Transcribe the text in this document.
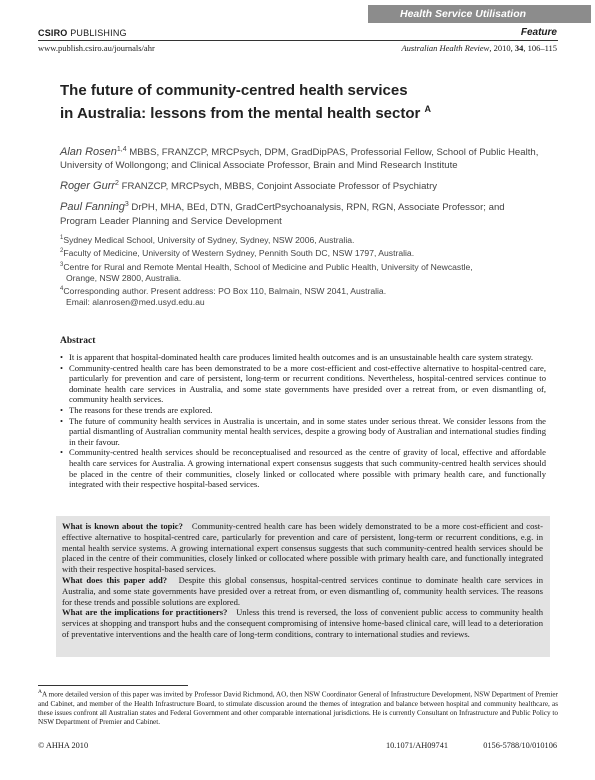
Health Service Utilisation
CSIRO PUBLISHING	Feature
www.publish.csiro.au/journals/ahr	Australian Health Review, 2010, 34, 106–115
The future of community-centred health services
in Australia: lessons from the mental health sector $^A$

Alan Rosen$^{1,4}$ MBBS, FRANZCP, MRCPsych, DPM, GradDipPAS, Professorial Fellow, School of Public Health, University of Wollongong; and Clinical Associate Professor, Brain and Mind Research Institute

Roger Gurr$^2$ FRANZCP, MRCPsych, MBBS, Conjoint Associate Professor of Psychiatry

Paul Fanning$^3$ DrPH, MHA, BEd, DTN, GradCertPsychoanalysis, RPN, RGN, Associate Professor; and Program Leader Planning and Service Development

$^1$Sydney Medical School, University of Sydney, Sydney, NSW 2006, Australia.

$^2$Faculty of Medicine, University of Western Sydney, Pennith South DC, NSW 1797, Australia.

$^3$Centre for Rural and Remote Mental Health, School of Medicine and Public Health, University of Newcastle,

Orange, NSW 2800, Australia.

$^4$Corresponding author. Present address: PO Box 110, Balmain, NSW 2041, Australia.

Email: alanrosen@med.usyd.edu.au

Abstract
• It is apparent that hospital-dominated health care produces limited health outcomes and is an unsustainable health care system strategy.
• Community-centred health care has been demonstrated to be a more cost-efficient and cost-effective alternative to hospital-centred care, particularly for prevention and care of persistent, long-term or recurrent conditions. Nevertheless, hospital-centred services continue to dominate health care services in Australia, and some state governments have presided over a retreat from, or even dismantling of, community health services.
• The reasons for these trends are explored.
• The future of community health services in Australia is uncertain, and in some states under serious threat. We consider lessons from the partial dismantling of Australian community mental health services, despite a growing body of Australian and international studies finding in their favour.
• Community-centred health services should be reconceptualised and resourced as the centre of gravity of local, effective and affordable health care services for Australia. A growing international expert consensus suggests that such community-centred health services should be placed in the centre of their communities, closely linked or collocated where possible with primary health care, and functionally integrated with their respective hospital-based services.

What is known about the topic? Community-centred health care has been widely demonstrated to be a more cost-efficient and cost-effective alternative to hospital-centred care, particularly for prevention and care of persistent, long-term or recurrent conditions, e.g. in mental health service systems. A growing international expert consensus suggests that such community-centred health services should be placed in the centre of their communities, closely linked or collocated where possible with primary health care, and functionally integrated with their respective hospital-based services.

What does this paper add? Despite this global consensus, hospital-centred services continue to dominate health care services in Australia, and some state governments have presided over a retreat from, or even dismantling of, community health services. The reasons for these trends and possible solutions are explored.

What are the implications for practitioners? Unless this trend is reversed, the loss of convenient public access to community health services at shopping and transport hubs and the consequent compromising of intensive home-based clinical care, will lead to a deterioration of preventative interventions and the health care of long-term conditions, contrary to international studies and reviews.

$^A$A more detailed version of this paper was invited by Professor David Richmond, AO, then NSW Coordinator General of Infrastructure Development, NSW Department of Premier and Cabinet, and member of the Health Infrastructure Board, to stimulate discussion around the themes of integration and balance between hospital and community healthcare, as these issues confront all Australian states and Federal Government and other comparable international jurisdictions. He is currently Consultant on Infrastructure and Public Policy to NSW Department of Premier and Cabinet.
© AHHA 2010	10.1071/AH09741	0156-5788/10/010106
